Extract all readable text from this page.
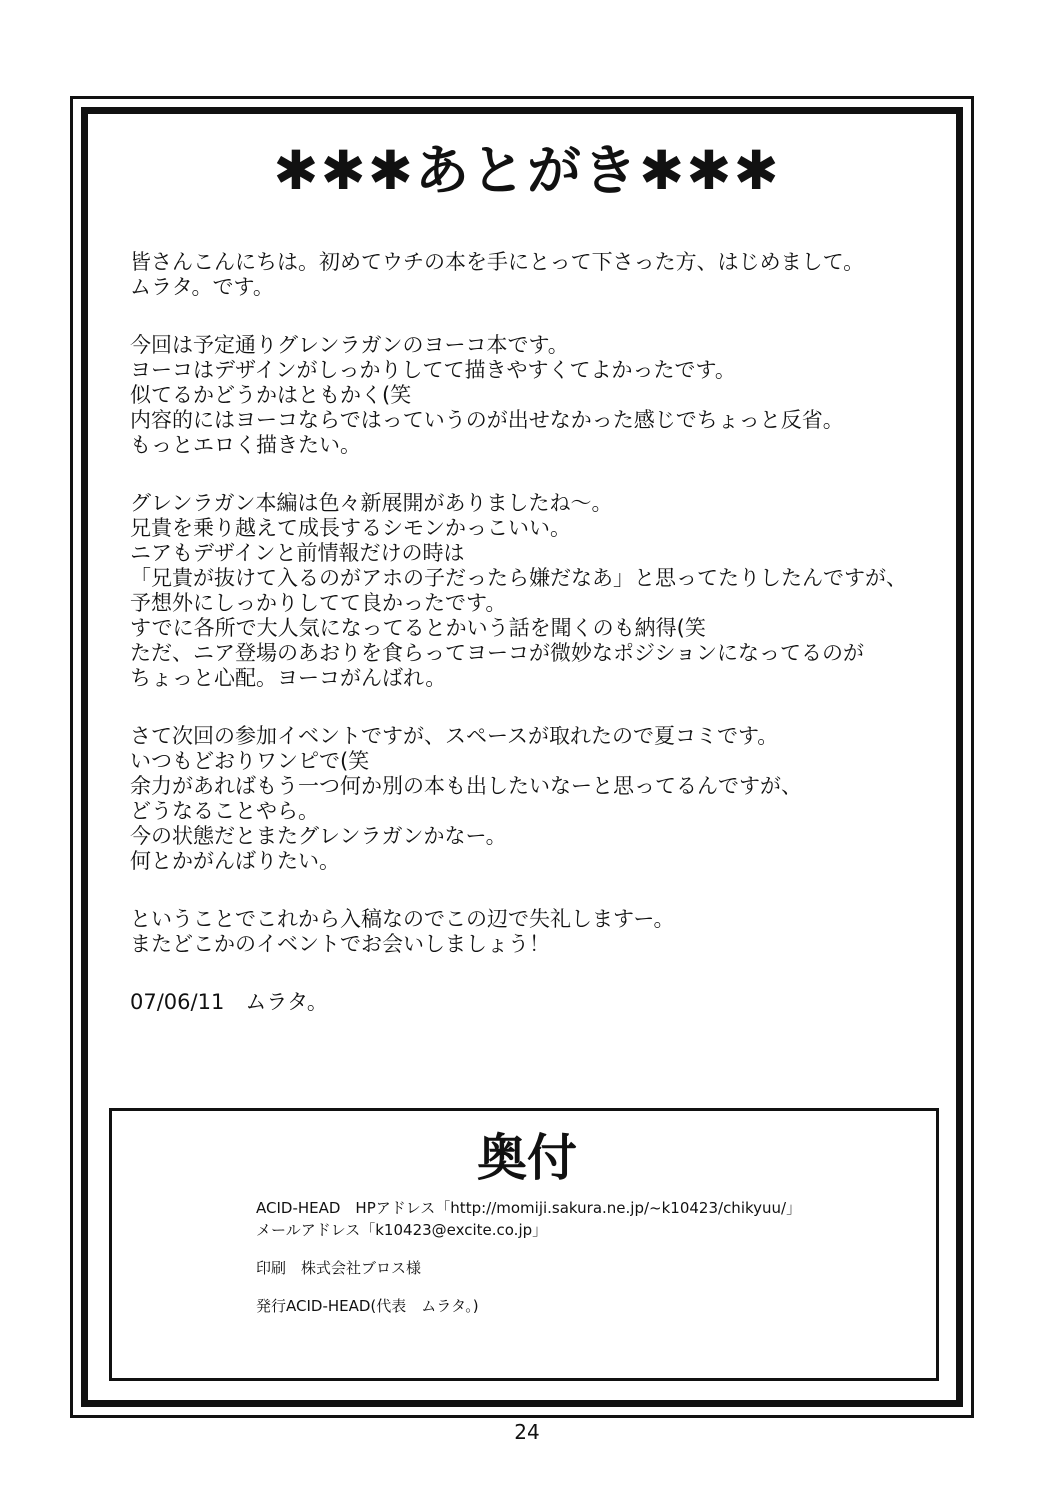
✱✱✱あとがき✱✱✱
皆さんこんにちは。初めてウチの本を手にとって下さった方、はじめまして。
ムラタ。です。
今回は予定通りグレンラガンのヨーコ本です。
ヨーコはデザインがしっかりしてて描きやすくてよかったです。
似てるかどうかはともかく(笑
内容的にはヨーコならではっていうのが出せなかった感じでちょっと反省。
もっとエロく描きたい。
グレンラガン本編は色々新展開がありましたね〜。
兄貴を乗り越えて成長するシモンかっこいい。
ニアもデザインと前情報だけの時は
「兄貴が抜けて入るのがアホの子だったら嫌だなあ」と思ってたりしたんですが、
予想外にしっかりしてて良かったです。
すでに各所で大人気になってるとかいう話を聞くのも納得(笑
ただ、ニア登場のあおりを食らってヨーコが微妙なポジションになってるのが
ちょっと心配。ヨーコがんばれ。
さて次回の参加イベントですが、スペースが取れたので夏コミです。
いつもどおりワンピで(笑
余力があればもう一つ何か別の本も出したいなーと思ってるんですが、
どうなることやら。
今の状態だとまたグレンラガンかなー。
何とかがんばりたい。
ということでこれから入稿なのでこの辺で失礼しますー。
またどこかのイベントでお会いしましょう！
07/06/11　ムラタ。
奥付
ACID-HEAD　HPアドレス「http://momiji.sakura.ne.jp/~k10423/chikyuu/」
メールアドレス「k10423@excite.co.jp」
印刷　株式会社ブロス様
発行ACID-HEAD(代表　ムラタ。)
24
